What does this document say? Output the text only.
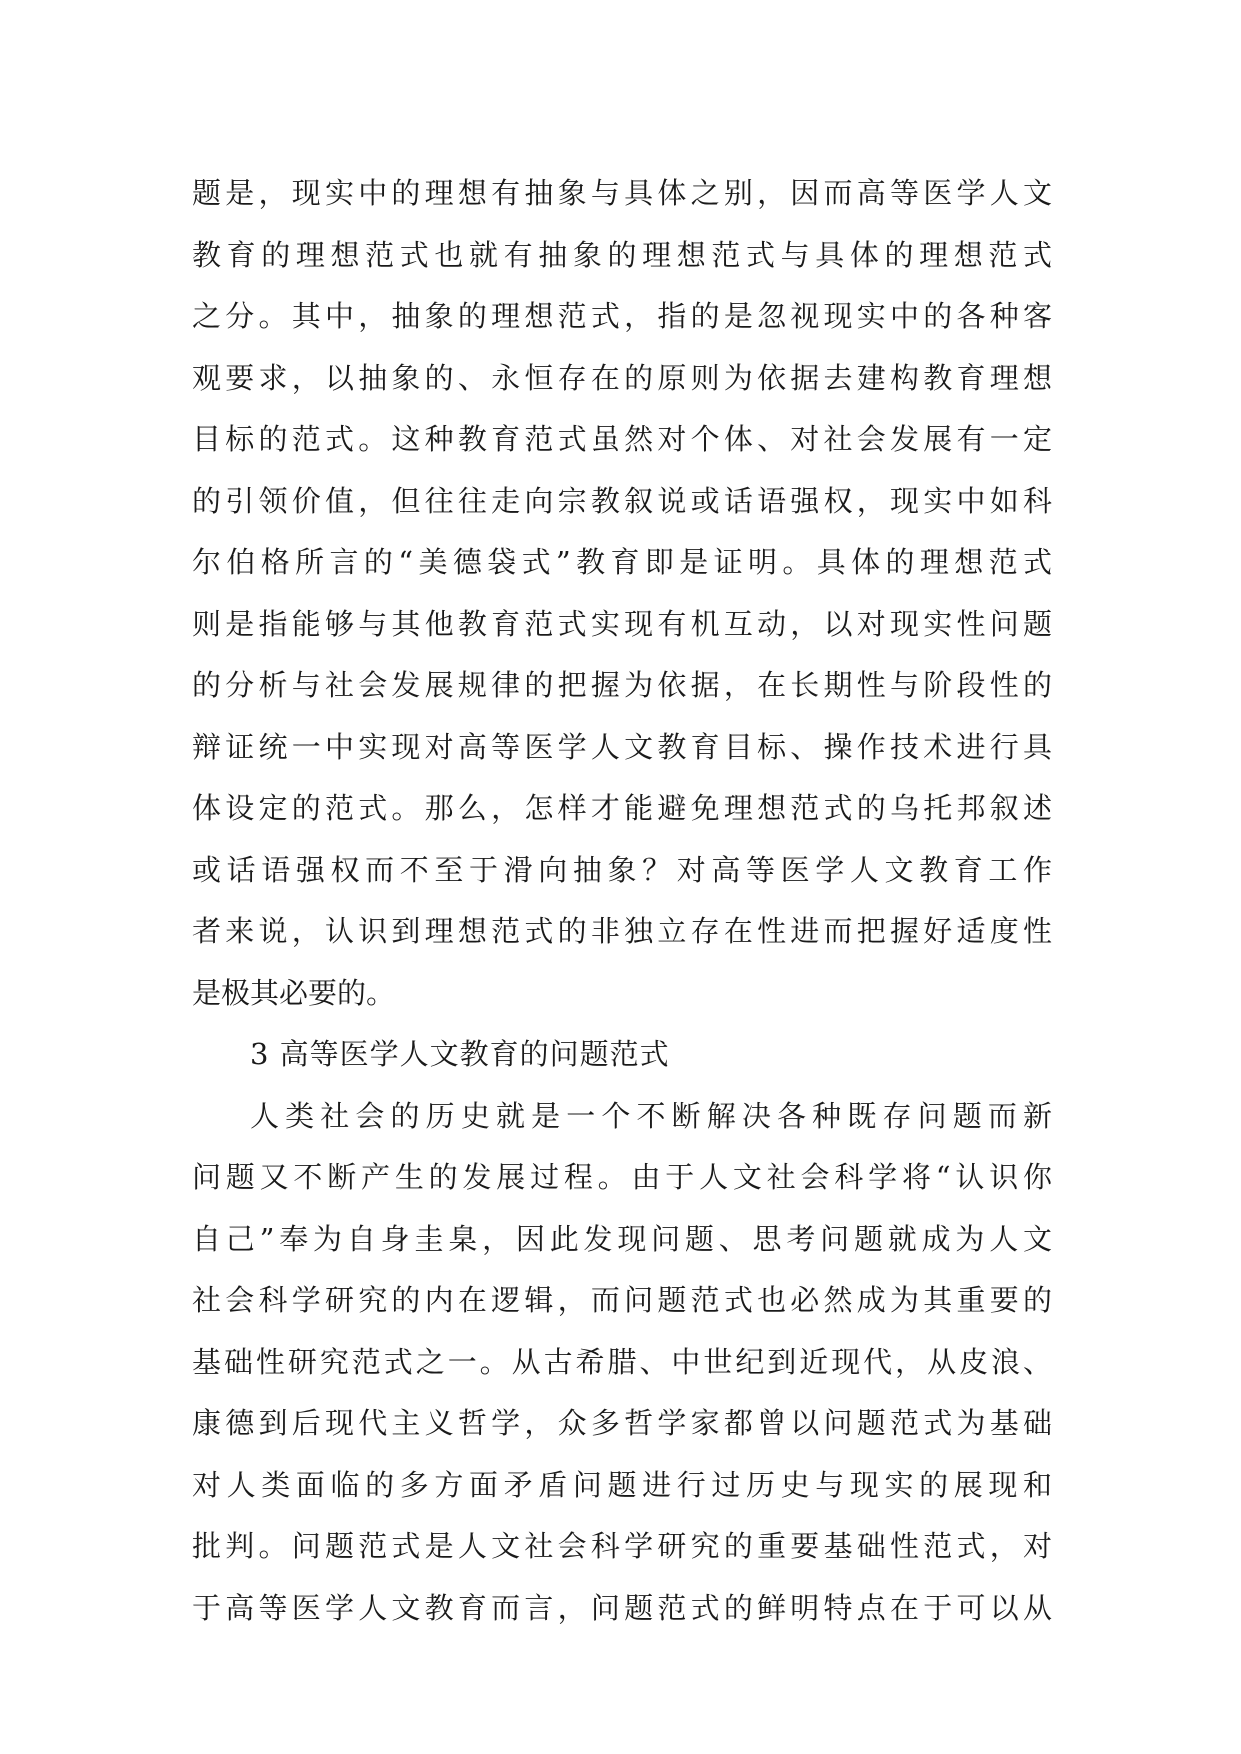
题是，现实中的理想有抽象与具体之别，因而高等医学人文
教育的理想范式也就有抽象的理想范式与具体的理想范式
之分。其中，抽象的理想范式，指的是忽视现实中的各种客
观要求，以抽象的、永恒存在的原则为依据去建构教育理想
目标的范式。这种教育范式虽然对个体、对社会发展有一定
的引领价值，但往往走向宗教叙说或话语强权，现实中如科
尔伯格所言的“美德袋式”教育即是证明。具体的理想范式
则是指能够与其他教育范式实现有机互动，以对现实性问题
的分析与社会发展规律的把握为依据，在长期性与阶段性的
辩证统一中实现对高等医学人文教育目标、操作技术进行具
体设定的范式。那么，怎样才能避免理想范式的乌托邦叙述
或话语强权而不至于滑向抽象？对高等医学人文教育工作
者来说，认识到理想范式的非独立存在性进而把握好适度性
是极其必要的。
3 高等医学人文教育的问题范式
人类社会的历史就是一个不断解决各种既存问题而新
问题又不断产生的发展过程。由于人文社会科学将“认识你
自己”奉为自身圭臬，因此发现问题、思考问题就成为人文
社会科学研究的内在逻辑，而问题范式也必然成为其重要的
基础性研究范式之一。从古希腊、中世纪到近现代，从皮浪、
康德到后现代主义哲学，众多哲学家都曾以问题范式为基础
对人类面临的多方面矛盾问题进行过历史与现实的展现和
批判。问题范式是人文社会科学研究的重要基础性范式，对
于高等医学人文教育而言，问题范式的鲜明特点在于可以从
